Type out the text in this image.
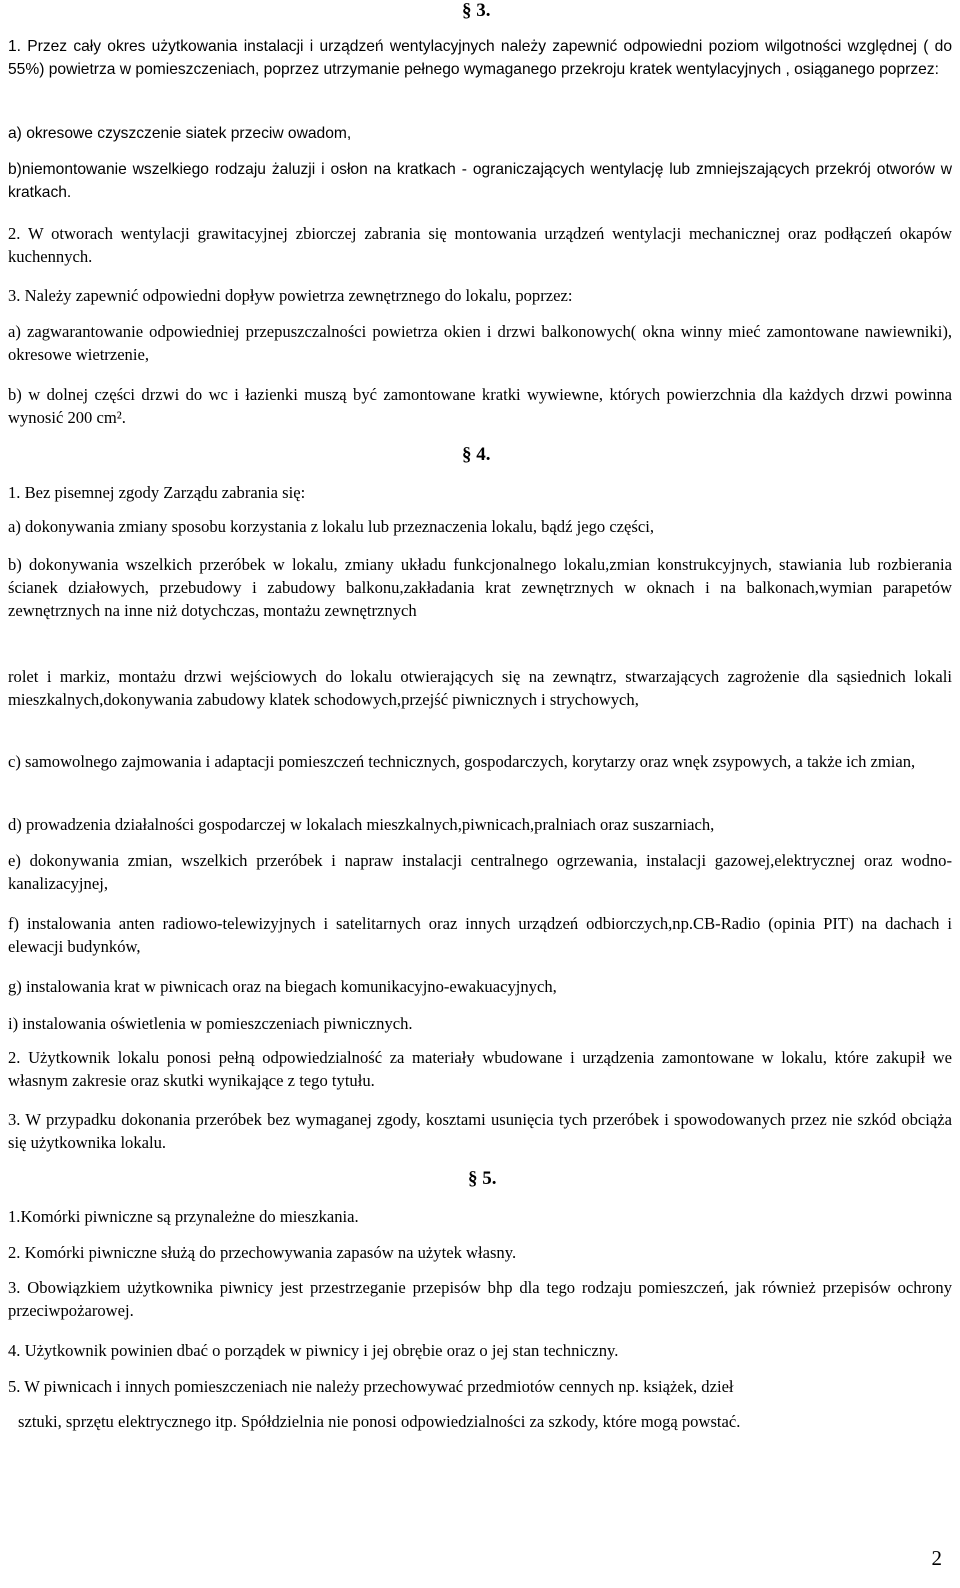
§ 3.

1. Przez cały okres użytkowania instalacji i urządzeń wentylacyjnych należy zapewnić odpowiedni poziom wilgotności względnej ( do 55%) powietrza w pomieszczeniach, poprzez utrzymanie pełnego wymaganego przekroju kratek wentylacyjnych , osiąganego poprzez:

a) okresowe czyszczenie siatek przeciw owadom,

b)niemontowanie wszelkiego rodzaju żaluzji i osłon na kratkach - ograniczających wentylację lub zmniejszających przekrój otworów w kratkach.

2. W otworach wentylacji grawitacyjnej zbiorczej zabrania się montowania urządzeń wentylacji mechanicznej oraz podłączeń okapów kuchennych.

3. Należy zapewnić odpowiedni dopływ powietrza zewnętrznego do lokalu, poprzez:

a) zagwarantowanie odpowiedniej przepuszczalności powietrza okien i drzwi balkonowych( okna winny mieć zamontowane nawiewniki), okresowe wietrzenie,

b) w dolnej części drzwi do wc i łazienki muszą być zamontowane kratki wywiewne, których powierzchnia dla każdych drzwi powinna wynosić 200 cm².

§ 4.

1. Bez pisemnej zgody Zarządu zabrania się:

a) dokonywania zmiany sposobu korzystania z lokalu lub przeznaczenia lokalu, bądź jego części,

b) dokonywania wszelkich przeróbek w lokalu, zmiany układu funkcjonalnego lokalu,zmian konstrukcyjnych, stawiania lub rozbierania ścianek działowych, przebudowy i zabudowy balkonu,zakładania krat zewnętrznych w oknach i na balkonach,wymian parapetów zewnętrznych na inne niż dotychczas, montażu zewnętrznych

rolet i markiz, montażu drzwi wejściowych do lokalu otwierających się na zewnątrz, stwarzających zagrożenie dla sąsiednich lokali mieszkalnych,dokonywania zabudowy klatek schodowych,przejść piwnicznych i strychowych,

c) samowolnego zajmowania i adaptacji pomieszczeń technicznych, gospodarczych, korytarzy oraz wnęk zsypowych, a także ich zmian,

d) prowadzenia działalności gospodarczej w lokalach mieszkalnych,piwnicach,pralniach oraz suszarniach,

e) dokonywania zmian, wszelkich przeróbek i napraw instalacji centralnego ogrzewania, instalacji gazowej,elektrycznej oraz wodno-kanalizacyjnej,

f) instalowania anten radiowo-telewizyjnych i satelitarnych oraz innych urządzeń odbiorczych,np.CB-Radio (opinia PIT) na dachach i elewacji budynków,

g) instalowania krat w piwnicach oraz na biegach komunikacyjno-ewakuacyjnych,

i) instalowania oświetlenia w pomieszczeniach piwnicznych.

2. Użytkownik lokalu ponosi pełną odpowiedzialność za materiały wbudowane i urządzenia zamontowane w lokalu, które zakupił we własnym zakresie oraz skutki wynikające z tego tytułu.

3. W przypadku dokonania przeróbek bez wymaganej zgody, kosztami usunięcia tych przeróbek i spowodowanych przez nie szkód obciąża się użytkownika lokalu.

§ 5.

1.Komórki piwniczne są przynależne do mieszkania.

2. Komórki piwniczne służą do przechowywania zapasów na użytek własny.

3. Obowiązkiem użytkownika piwnicy jest przestrzeganie przepisów bhp dla tego rodzaju pomieszczeń, jak również przepisów ochrony przeciwpożarowej.

4. Użytkownik powinien dbać o porządek w piwnicy i jej obrębie oraz o jej stan techniczny.

5. W piwnicach i innych pomieszczeniach nie należy przechowywać przedmiotów cennych np. książek, dzieł

sztuki, sprzętu elektrycznego itp. Spółdzielnia nie ponosi odpowiedzialności za szkody, które mogą powstać.

2
